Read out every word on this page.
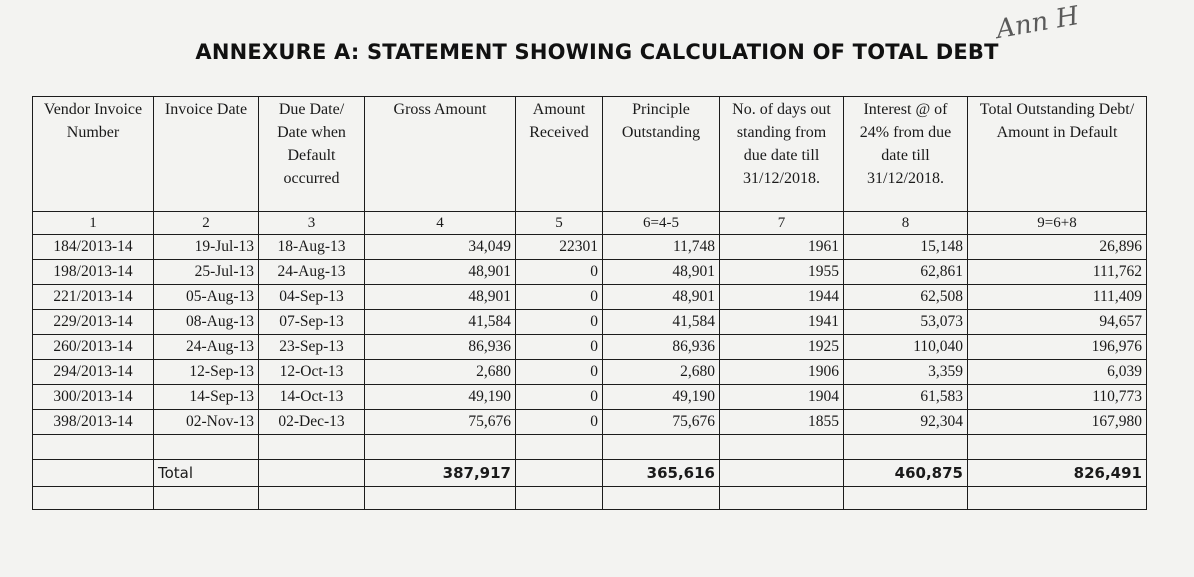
ANNEXURE A: STATEMENT SHOWING CALCULATION OF TOTAL DEBT
Ann H
Vendor Invoice Number	Invoice Date	Due Date/ Date when Default occurred	Gross Amount	Amount Received	Principle Outstanding	No. of days out standing from due date till 31/12/2018.	Interest @ of 24% from due date till 31/12/2018.	Total Outstanding Debt/ Amount in Default
1	2	3	4	5	6=4-5	7	8	9=6+8
184/2013-14	19-Jul-13	18-Aug-13	34,049	22301	11,748	1961	15,148	26,896
198/2013-14	25-Jul-13	24-Aug-13	48,901	0	48,901	1955	62,861	111,762
221/2013-14	05-Aug-13	04-Sep-13	48,901	0	48,901	1944	62,508	111,409
229/2013-14	08-Aug-13	07-Sep-13	41,584	0	41,584	1941	53,073	94,657
260/2013-14	24-Aug-13	23-Sep-13	86,936	0	86,936	1925	110,040	196,976
294/2013-14	12-Sep-13	12-Oct-13	2,680	0	2,680	1906	3,359	6,039
300/2013-14	14-Sep-13	14-Oct-13	49,190	0	49,190	1904	61,583	110,773
398/2013-14	02-Nov-13	02-Dec-13	75,676	0	75,676	1855	92,304	167,980

	Total		387,917		365,616		460,875	826,491
